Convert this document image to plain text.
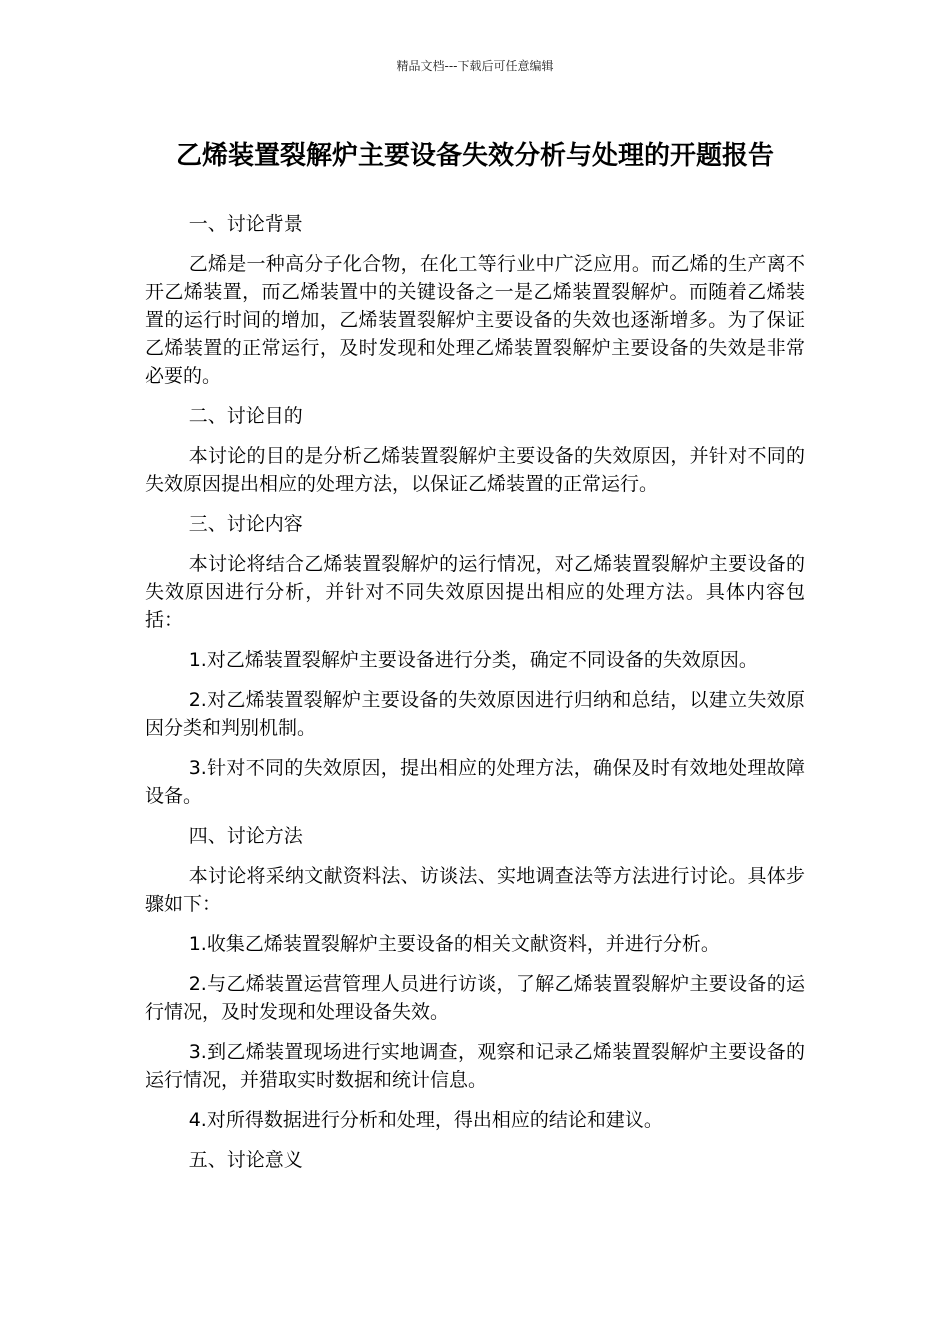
精品文档---下载后可任意编辑
乙烯装置裂解炉主要设备失效分析与处理的开题报告

一、讨论背景

乙烯是一种高分子化合物，在化工等行业中广泛应用。而乙烯的生产离不开乙烯装置，而乙烯装置中的关键设备之一是乙烯装置裂解炉。而随着乙烯装置的运行时间的增加，乙烯装置裂解炉主要设备的失效也逐渐增多。为了保证乙烯装置的正常运行，及时发现和处理乙烯装置裂解炉主要设备的失效是非常必要的。

二、讨论目的

本讨论的目的是分析乙烯装置裂解炉主要设备的失效原因，并针对不同的失效原因提出相应的处理方法，以保证乙烯装置的正常运行。

三、讨论内容

本讨论将结合乙烯装置裂解炉的运行情况，对乙烯装置裂解炉主要设备的失效原因进行分析，并针对不同失效原因提出相应的处理方法。具体内容包括：

1.对乙烯装置裂解炉主要设备进行分类，确定不同设备的失效原因。

2.对乙烯装置裂解炉主要设备的失效原因进行归纳和总结，以建立失效原因分类和判别机制。

3.针对不同的失效原因，提出相应的处理方法，确保及时有效地处理故障设备。

四、讨论方法

本讨论将采纳文献资料法、访谈法、实地调查法等方法进行讨论。具体步骤如下：

1.收集乙烯装置裂解炉主要设备的相关文献资料，并进行分析。

2.与乙烯装置运营管理人员进行访谈，了解乙烯装置裂解炉主要设备的运行情况，及时发现和处理设备失效。

3.到乙烯装置现场进行实地调查，观察和记录乙烯装置裂解炉主要设备的运行情况，并猎取实时数据和统计信息。

4.对所得数据进行分析和处理，得出相应的结论和建议。

五、讨论意义
